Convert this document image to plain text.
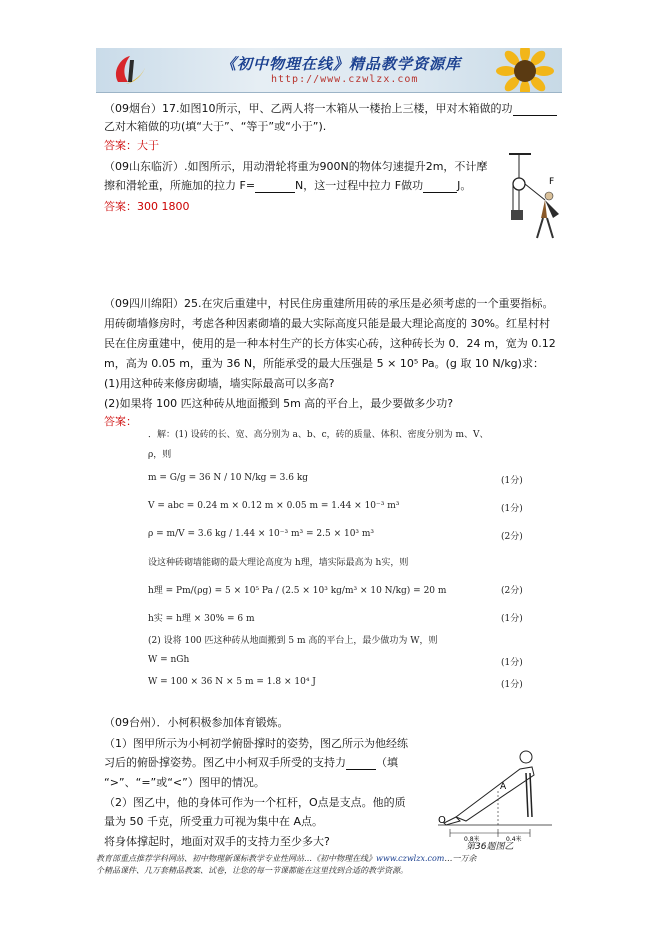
《初中物理在线》精品教学资源库
http://www.czwlzx.com
（09烟台）17.如图10所示，甲、乙两人将一木箱从一楼抬上三楼，甲对木箱做的功
乙对木箱做的功(填“大于”、“等于”或“小于”).
答案：大于
（09山东临沂）.如图所示，用动滑轮将重为900N的物体匀速提升2m，不计摩
擦和滑轮重，所施加的拉力 F=	N，这一过程中拉力 F做功	J。
答案：300 1800
F
（09四川绵阳）25.在灾后重建中，村民住房重建所用砖的承压是必须考虑的一个重要指标。
用砖砌墙修房时，考虑各种因素砌墙的最大实际高度只能是最大理论高度的 30%。红星村村
民在住房重建中，使用的是一种本村生产的长方体实心砖，这种砖长为 0．24 m，宽为 0.12
m，高为 0.05 m，重为 36 N，所能承受的最大压强是 5 × 10⁵ Pa。(g 取 10 N/kg)求：
(1)用这种砖来修房砌墙，墙实际最高可以多高?
(2)如果将 100 匹这种砖从地面搬到 5m 高的平台上，最少要做多少功?
答案：
．解：(1) 设砖的长、宽、高分别为 a、b、c，砖的质量、体积、密度分别为 m、V、
ρ，则
m = G/g = 36 N / 10 N/kg = 3.6 kg	(1分)
V = abc = 0.24 m × 0.12 m × 0.05 m = 1.44 × 10⁻³ m³	(1分)
ρ = m/V = 3.6 kg / 1.44 × 10⁻³ m³ = 2.5 × 10³ m³	(2分)
设这种砖砌墙能砌的最大理论高度为 h理，墙实际最高为 h实，则
h理 = Pm/(ρg) = 5 × 10⁵ Pa / (2.5 × 10³ kg/m³ × 10 N/kg) = 20 m	(2分)
h实 = h理 × 30% = 6 m	(1分)
(2) 设将 100 匹这种砖从地面搬到 5 m 高的平台上，最少做功为 W，则
W = nGh	(1分)
W = 100 × 36 N × 5 m = 1.8 × 10⁴ J	(1分)
（09台州）．小柯积极参加体育锻炼。
（1）图甲所示为小柯初学俯卧撑时的姿势，图乙所示为他经练
习后的俯卧撑姿势。图乙中小柯双手所受的支持力	（填
“>”、“=”或“<”）图甲的情况。
（2）图乙中，他的身体可作为一个杠杆，O点是支点。他的质
量为 50 千克，所受重力可视为集中在 A点。
将身体撑起时，地面对双手的支持力至少多大?
O
A
0.8米	0.4米
第36题图乙
教育部重点推荐学科网站、初中物理新课标教学专业性网站…《初中物理在线》www.czwlzx.com…一万余
个精品课件、几万套精品教案、试卷，让您的每一节课都能在这里找到合适的教学资源。
